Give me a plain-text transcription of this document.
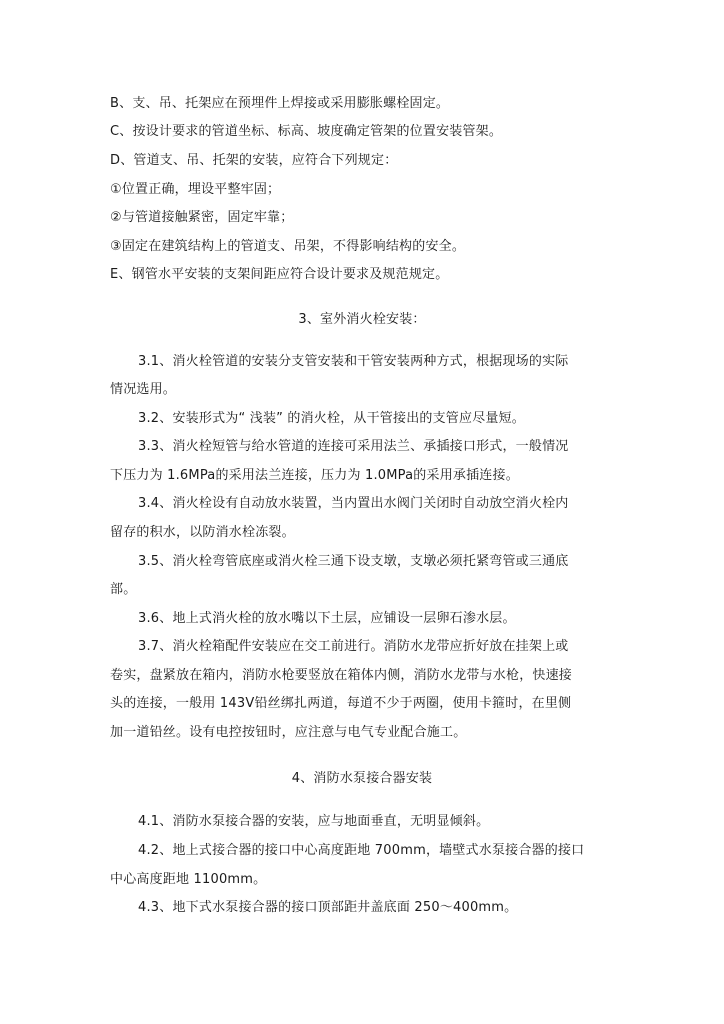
B、支、吊、托架应在预埋件上焊接或采用膨胀螺栓固定。
C、按设计要求的管道坐标、标高、坡度确定管架的位置安装管架。
D、管道支、吊、托架的安装，应符合下列规定：
①位置正确，埋设平整牢固；
②与管道接触紧密，固定牢靠；
③固定在建筑结构上的管道支、吊架，不得影响结构的安全。
E、钢管水平安装的支架间距应符合设计要求及规范规定。
3、室外消火栓安装：
3.1、消火栓管道的安装分支管安装和干管安装两种方式，根据现场的实际
情况选用。
3.2、安装形式为“ 浅装” 的消火栓，从干管接出的支管应尽量短。
3.3、消火栓短管与给水管道的连接可采用法兰、承插接口形式，一般情况
下压力为 1.6MPa的采用法兰连接，压力为 1.0MPa的采用承插连接。
3.4、消火栓设有自动放水装置，当内置出水阀门关闭时自动放空消火栓内
留存的积水，以防消水栓冻裂。
3.5、消火栓弯管底座或消火栓三通下设支墩，支墩必须托紧弯管或三通底
部。
3.6、地上式消火栓的放水嘴以下土层，应铺设一层卵石渗水层。
3.7、消火栓箱配件安装应在交工前进行。消防水龙带应折好放在挂架上或
卷实，盘紧放在箱内，消防水枪要竖放在箱体内侧，消防水龙带与水枪，快速接
头的连接，一般用 143V铅丝绑扎两道，每道不少于两圈，使用卡箍时，在里侧
加一道铅丝。设有电控按钮时，应注意与电气专业配合施工。
4、消防水泵接合器安装
4.1、消防水泵接合器的安装，应与地面垂直，无明显倾斜。
4.2、地上式接合器的接口中心高度距地 700mm，墙壁式水泵接合器的接口
中心高度距地 1100mm。
4.3、地下式水泵接合器的接口顶部距井盖底面 250～400mm。
